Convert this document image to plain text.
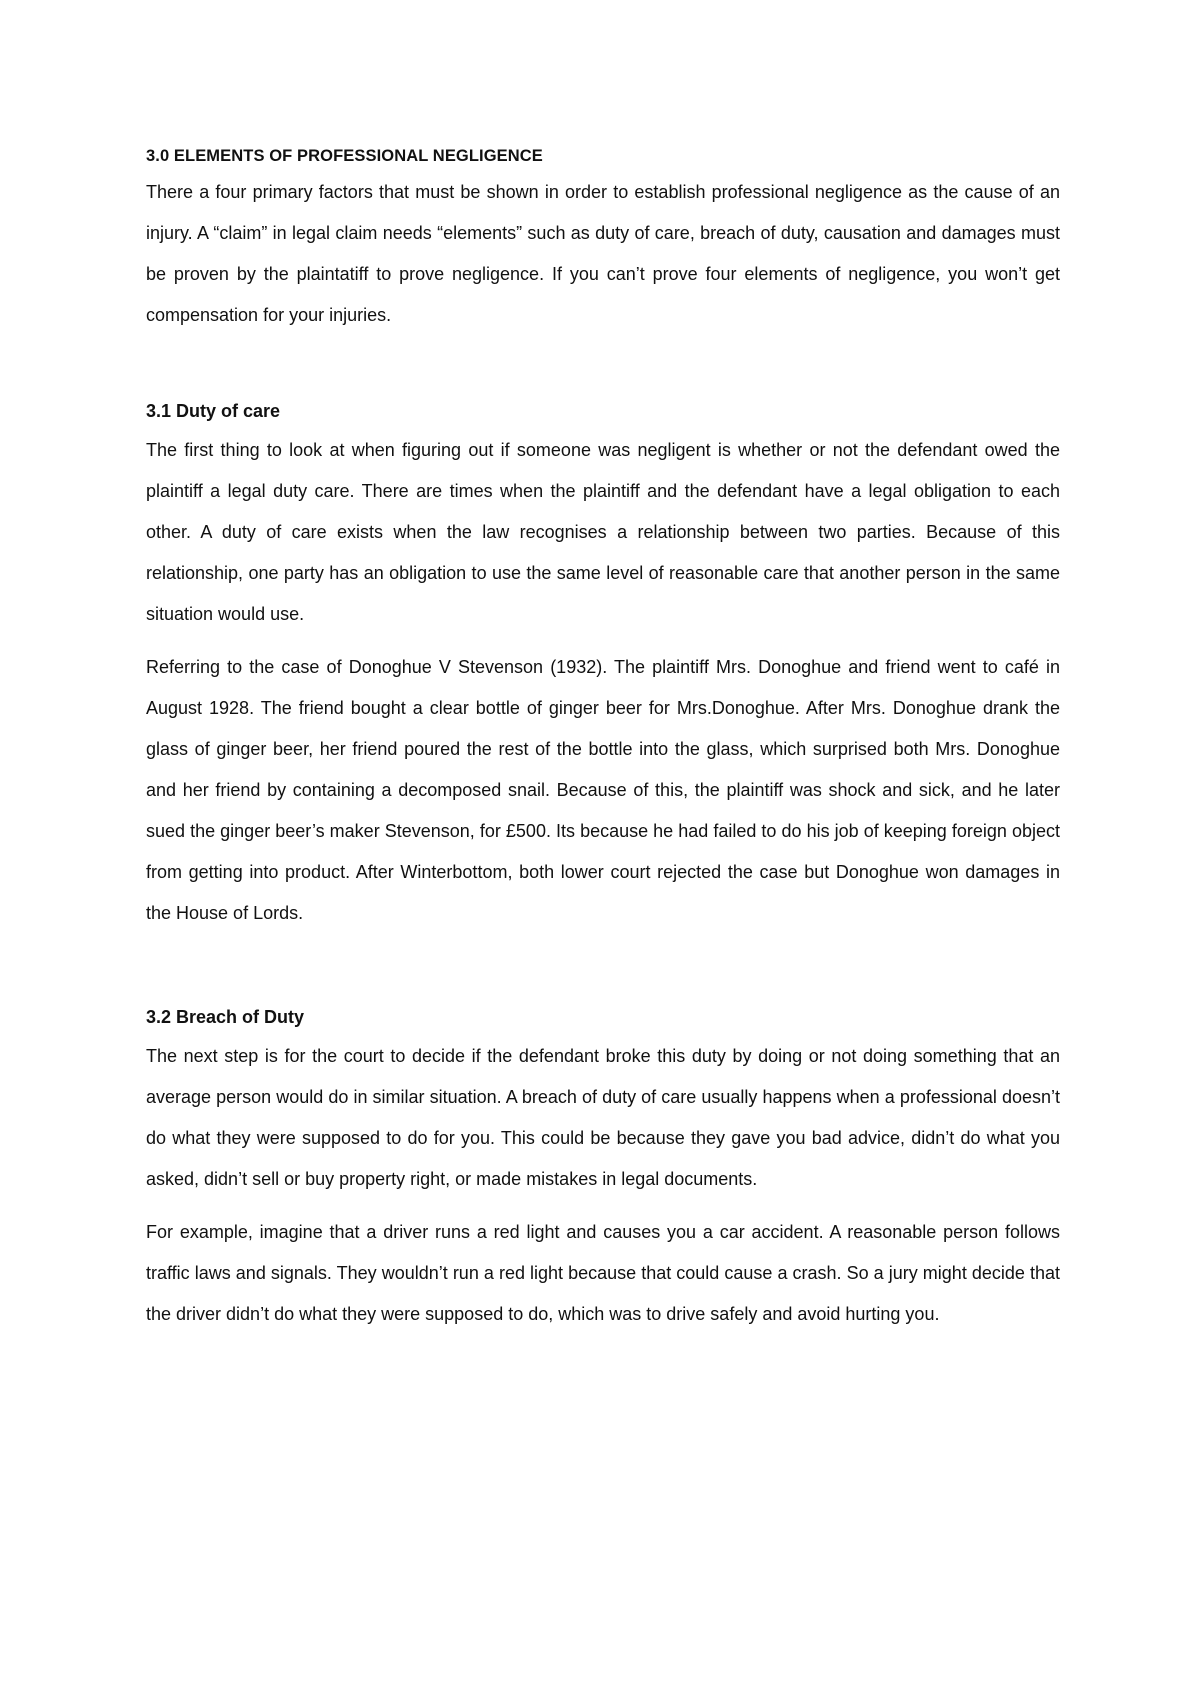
3.0 ELEMENTS OF PROFESSIONAL NEGLIGENCE

There a four primary factors that must be shown in order to establish professional negligence as the cause of an injury. A “claim” in legal claim needs “elements” such as duty of care, breach of duty, causation and damages must be proven by the plaintatiff to prove negligence. If you can’t prove four elements of negligence, you won’t get compensation for your injuries.

3.1 Duty of care

The first thing to look at when figuring out if someone was negligent is whether or not the defendant owed the plaintiff a legal duty care. There are times when the plaintiff and the defendant have a legal obligation to each other. A duty of care exists when the law recognises a relationship between two parties. Because of this relationship, one party has an obligation to use the same level of reasonable care that another person in the same situation would use.

Referring to the case of Donoghue V Stevenson (1932). The plaintiff Mrs. Donoghue and friend went to café in August 1928. The friend bought a clear bottle of ginger beer for Mrs.Donoghue. After Mrs. Donoghue drank the glass of ginger beer, her friend poured the rest of the bottle into the glass, which surprised both Mrs. Donoghue and her friend by containing a decomposed snail. Because of this, the plaintiff was shock and sick, and he later sued the ginger beer’s maker Stevenson, for £500. Its because he had failed to do his job of keeping foreign object from getting into product. After Winterbottom, both lower court rejected the case but Donoghue won damages in the House of Lords.

3.2 Breach of Duty

The next step is for the court to decide if the defendant broke this duty by doing or not doing something that an average person would do in similar situation. A breach of duty of care usually happens when a professional doesn’t do what they were supposed to do for you. This could be because they gave you bad advice, didn’t do what you asked, didn’t sell or buy property right, or made mistakes in legal documents.

For example, imagine that a driver runs a red light and causes you a car accident. A reasonable person follows traffic laws and signals. They wouldn’t run a red light because that could cause a crash. So a jury might decide that the driver didn’t do what they were supposed to do, which was to drive safely and avoid hurting you.
